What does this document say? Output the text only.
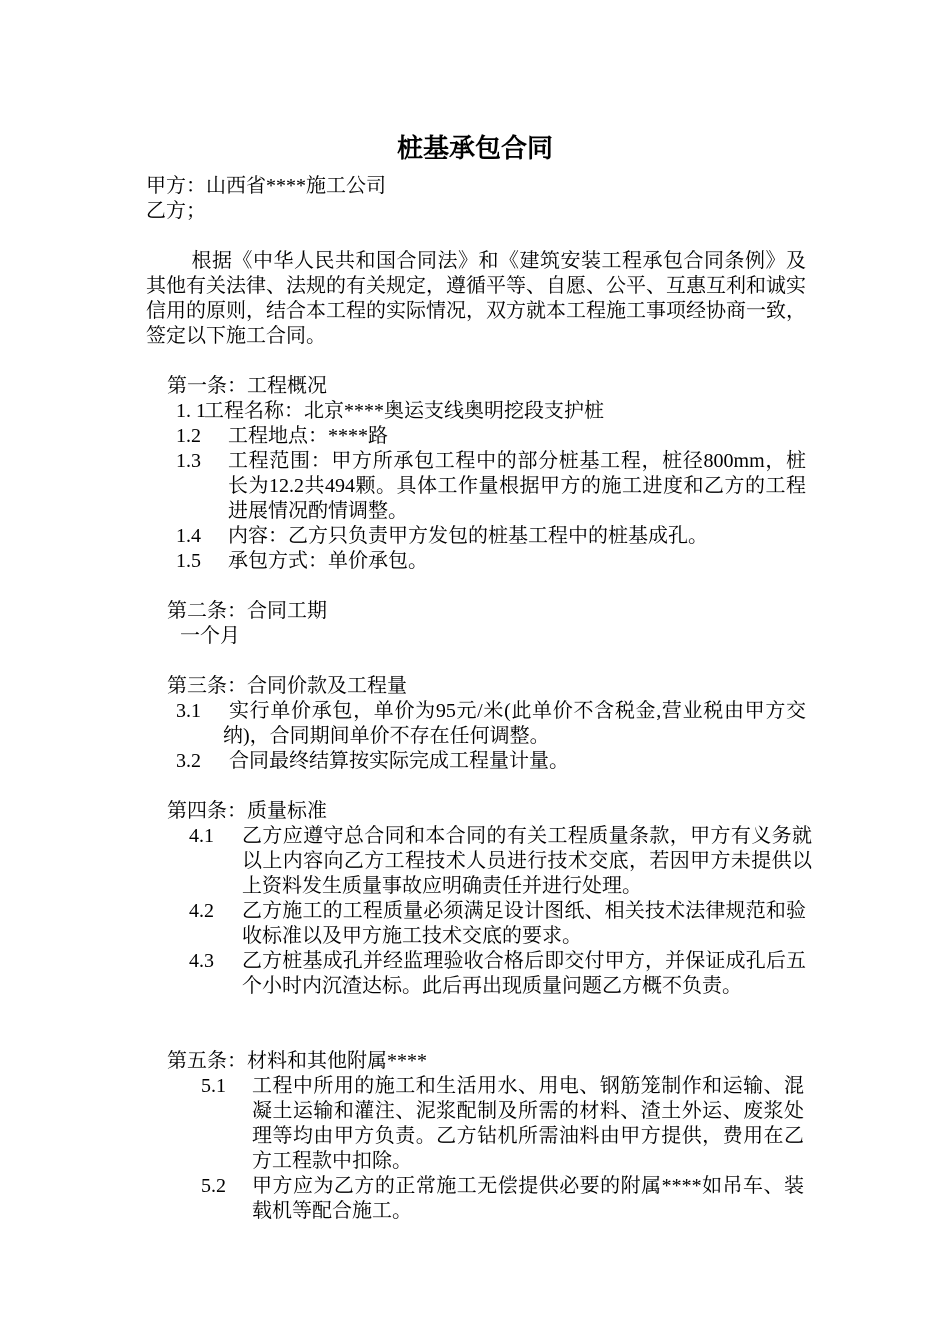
桩基承包合同
甲方：山西省****施工公司
乙方；
根据《中华人民共和国合同法》和《建筑安装工程承包合同条例》及其他有关法律、法规的有关规定，遵循平等、自愿、公平、互惠互利和诚实信用的原则，结合本工程的实际情况，双方就本工程施工事项经协商一致，签定以下施工合同。
第一条：工程概况
1. 1
工程名称：北京****奥运支线奥明挖段支护桩
1.2 工程地点：****路
1.3 工程范围：甲方所承包工程中的部分桩基工程，桩径800mm，桩长为12.2共494颗。具体工作量根据甲方的施工进度和乙方的工程进展情况酌情调整。
1.4 内容：乙方只负责甲方发包的桩基工程中的桩基成孔。
1.5 承包方式：单价承包。
第二条：合同工期
一个月
第三条：合同价款及工程量
3.1	实行单价承包，单价为95元/米(此单价不含税金,营业税由甲方交纳)，合同期间单价不存在任何调整。
3.2 合同最终结算按实际完成工程量计量。
第四条：质量标准
4.1 乙方应遵守总合同和本合同的有关工程质量条款，甲方有义务就以上内容向乙方工程技术人员进行技术交底，若因甲方未提供以上资料发生质量事故应明确责任并进行处理。
4.2 乙方施工的工程质量必须满足设计图纸、相关技术法律规范和验收标准以及甲方施工技术交底的要求。
4.3 乙方桩基成孔并经监理验收合格后即交付甲方，并保证成孔后五个小时内沉渣达标。此后再出现质量问题乙方概不负责。
第五条：材料和其他附属****
5.1 工程中所用的施工和生活用水、用电、钢筋笼制作和运输、混凝土运输和灌注、泥浆配制及所需的材料、渣土外运、废浆处理等均由甲方负责。乙方钻机所需油料由甲方提供，费用在乙方工程款中扣除。
5.2 甲方应为乙方的正常施工无偿提供必要的附属****如吊车、装载机等配合施工。
